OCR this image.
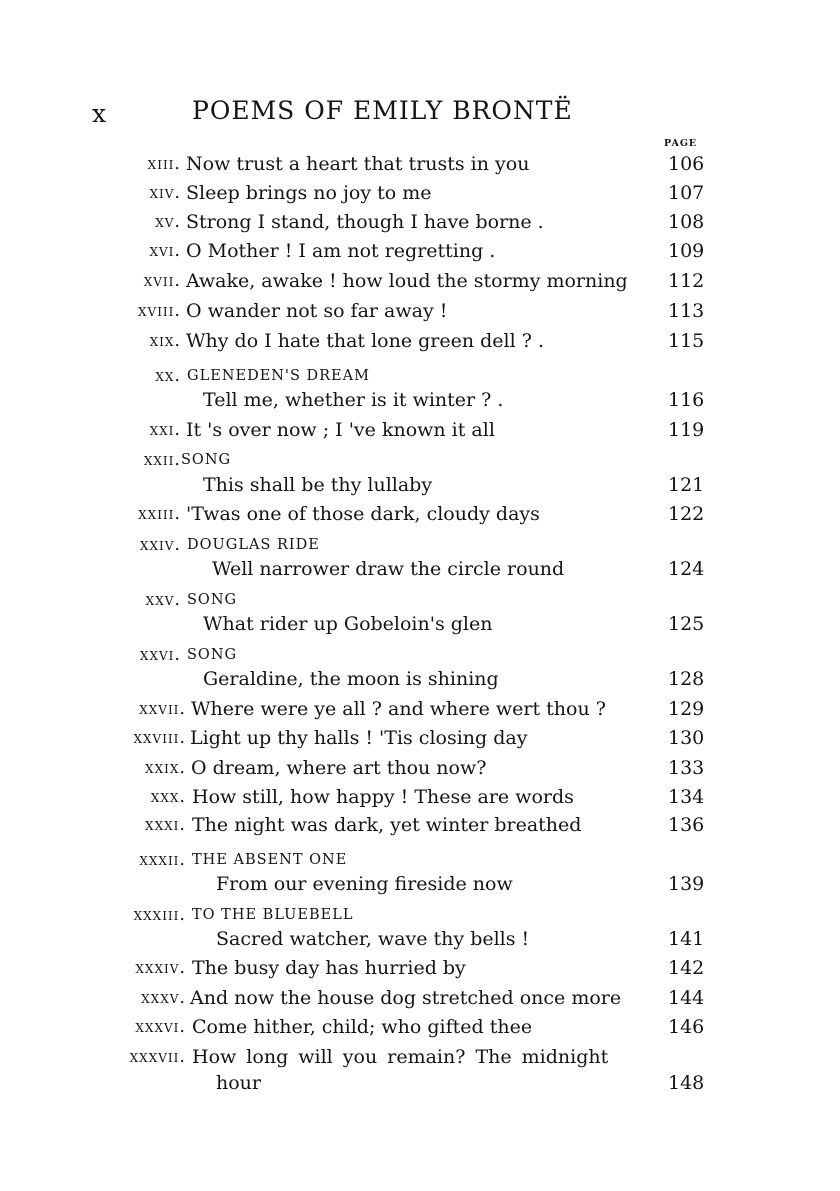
x	POEMS OF EMILY BRONTË
PAGE
xiii. Now trust a heart that trusts in you	106
xiv. Sleep brings no joy to me	107
xv. Strong I stand, though I have borne .	108
xvi. O Mother ! I am not regretting .	109
xvii. Awake, awake ! how loud the stormy morning 112
xviii. O wander not so far away !	113
xix. Why do I hate that lone green dell ? .	115
xx. GLENEDEN'S DREAM
Tell me, whether is it winter ? .	116
xxi. It 's over now ; I 've known it all	119
xxii. SONG
This shall be thy lullaby	121
xxiii. 'Twas one of those dark, cloudy days	122
xxiv. DOUGLAS RIDE
Well narrower draw the circle round	124
xxv. SONG
What rider up Gobeloin's glen	125
xxvi. SONG
Geraldine, the moon is shining	128
xxvii. Where were ye all ? and where wert thou ?	129
xxviii. Light up thy halls ! 'Tis closing day	130
xxix. O dream, where art thou now?	133
xxx. How still, how happy ! These are words	134
xxxi. The night was dark, yet winter breathed	136
xxxii. THE ABSENT ONE
From our evening fireside now	139
xxxiii. TO THE BLUEBELL
Sacred watcher, wave thy bells !	141
xxxiv. The busy day has hurried by	142
xxxv. And now the house dog stretched once more 144
xxxvi. Come hither, child; who gifted thee	146
xxxvii. How long will you remain? The midnight
hour	148
